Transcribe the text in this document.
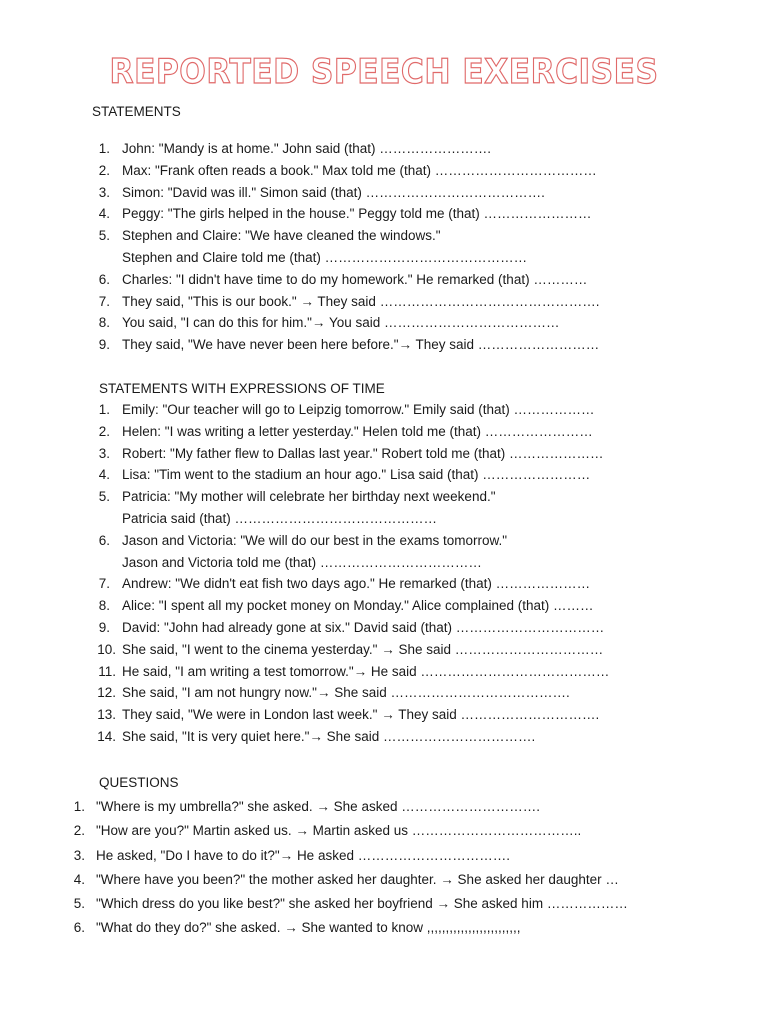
REPORTED SPEECH EXERCISES
STATEMENTS
1. John: "Mandy is at home." John said (that) …………………….
2. Max: "Frank often reads a book." Max told me (that) ………………………………
3. Simon: "David was ill." Simon said (that) ………………………………….
4. Peggy: "The girls helped in the house." Peggy told me (that) ……………………
5. Stephen and Claire: "We have cleaned the windows."
Stephen and Claire told me (that) ………………………………………
6. Charles: "I didn't have time to do my homework." He remarked (that) …………
7. They said, "This is our book." → They said ………………………………………….
8. You said, "I can do this for him."→ You said …………………………………
9. They said, "We have never been here before."→ They said ………………………
STATEMENTS WITH EXPRESSIONS OF TIME
1. Emily: "Our teacher will go to Leipzig tomorrow." Emily said (that) ………………
2. Helen: "I was writing a letter yesterday." Helen told me (that) ……………………
3. Robert: "My father flew to Dallas last year." Robert told me (that) …………………
4. Lisa: "Tim went to the stadium an hour ago." Lisa said (that) ……………………
5. Patricia: "My mother will celebrate her birthday next weekend."
Patricia said (that) ………………………………………
6. Jason and Victoria: "We will do our best in the exams tomorrow."
Jason and Victoria told me (that) ………………………………
7. Andrew: "We didn't eat fish two days ago." He remarked (that) …………………
8. Alice: "I spent all my pocket money on Monday." Alice complained (that) ………
9. David: "John had already gone at six." David said (that) ……………………………
10. She said, "I went to the cinema yesterday." → She said ……………………………
11. He said, "I am writing a test tomorrow."→ He said ……………………………………
12. She said, "I am not hungry now."→ She said ………………………………….
13. They said, "We were in London last week." → They said ………………………….
14. She said, "It is very quiet here."→ She said …………………………….
QUESTIONS
1. "Where is my umbrella?" she asked. → She asked ………………………….
2. "How are you?" Martin asked us. → Martin asked us ………………………………..
3. He asked, "Do I have to do it?"→ He asked …………………………….
4. "Where have you been?" the mother asked her daughter. → She asked her daughter …
5. "Which dress do you like best?" she asked her boyfriend → She asked him ………………
6. "What do they do?" she asked. → She wanted to know ,,,,,,,,,,,,,,,,,,,,,,,,,
